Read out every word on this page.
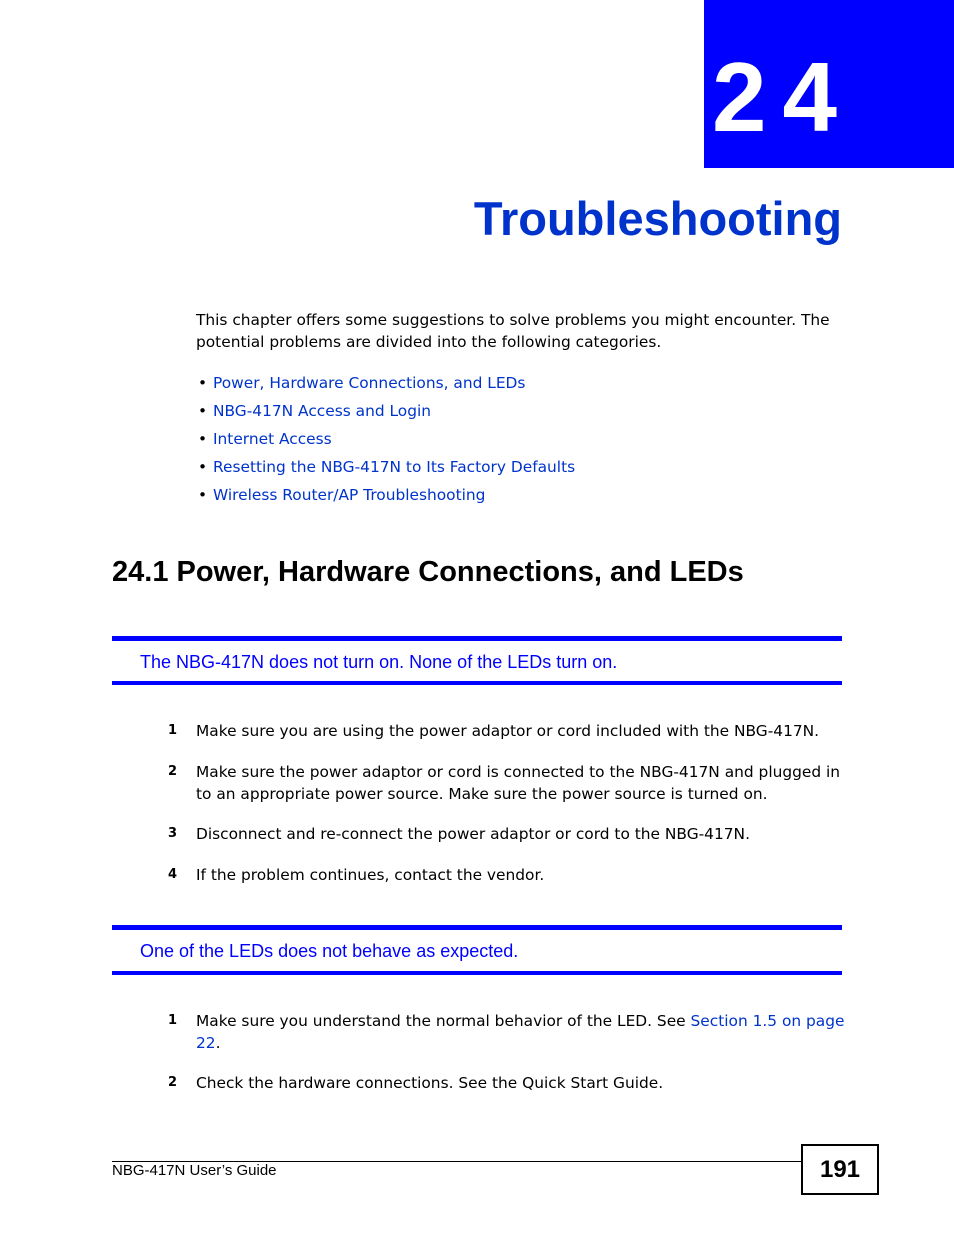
24
Troubleshooting

This chapter offers some suggestions to solve problems you might encounter. The potential problems are divided into the following categories.

• Power, Hardware Connections, and LEDs
• NBG-417N Access and Login
• Internet Access
• Resetting the NBG-417N to Its Factory Defaults
• Wireless Router/AP Troubleshooting
24.1 Power, Hardware Connections, and LEDs
The NBG-417N does not turn on. None of the LEDs turn on.
1 Make sure you are using the power adaptor or cord included with the NBG-417N.
2 Make sure the power adaptor or cord is connected to the NBG-417N and plugged in to an appropriate power source. Make sure the power source is turned on.
3 Disconnect and re-connect the power adaptor or cord to the NBG-417N.
4 If the problem continues, contact the vendor.
One of the LEDs does not behave as expected.
1 Make sure you understand the normal behavior of the LED. See Section 1.5 on page 22.
2 Check the hardware connections. See the Quick Start Guide.
NBG-417N User’s Guide	191
